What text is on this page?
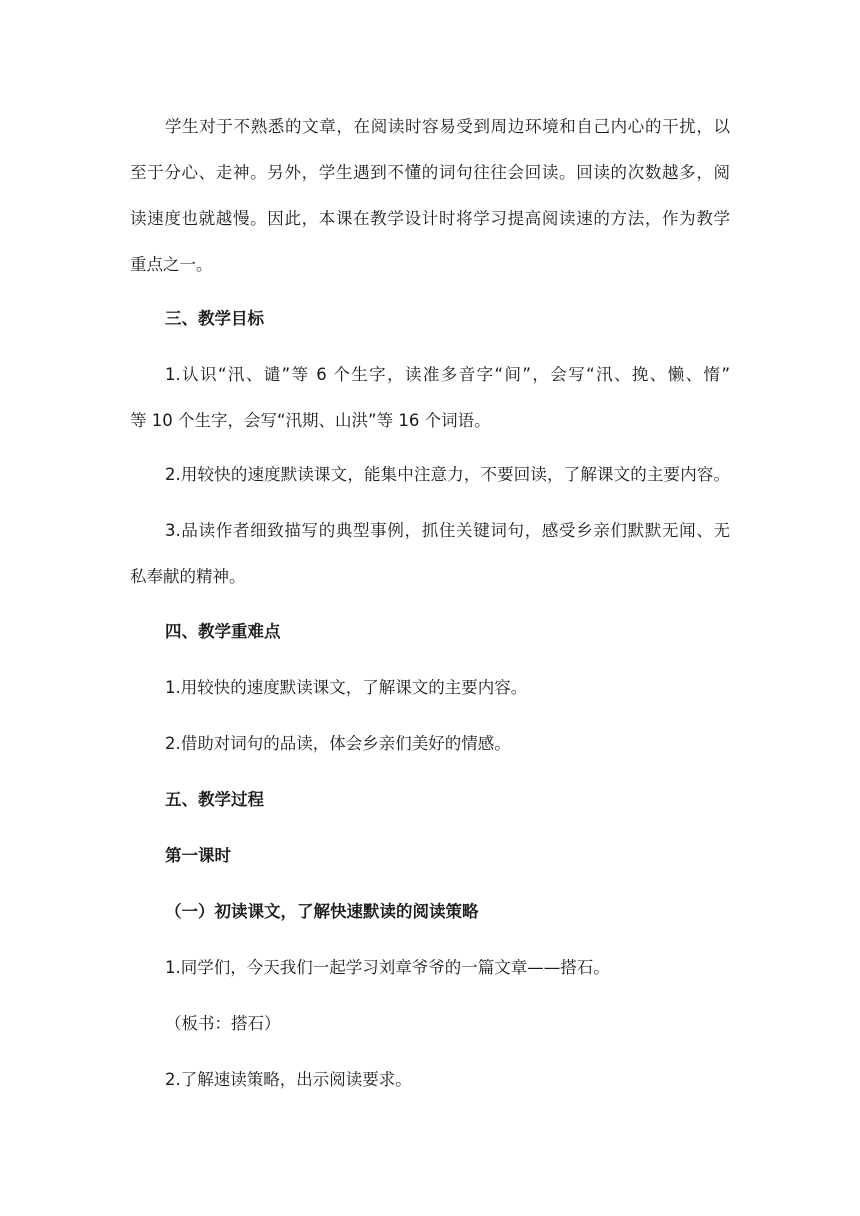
学生对于不熟悉的文章，在阅读时容易受到周边环境和自己内心的干扰，以
至于分心、走神。另外，学生遇到不懂的词句往往会回读。回读的次数越多，阅
读速度也就越慢。因此，本课在教学设计时将学习提高阅读速的方法，作为教学
重点之一。

三、教学目标

1.认识“汛、谴”等 6 个生字，读准多音字“间”，会写“汛、挽、懒、惰”
等 10 个生字，会写“汛期、山洪”等 16 个词语。

2.用较快的速度默读课文，能集中注意力，不要回读，了解课文的主要内容。

3.品读作者细致描写的典型事例，抓住关键词句，感受乡亲们默默无闻、无
私奉献的精神。

四、教学重难点

1.用较快的速度默读课文，了解课文的主要内容。

2.借助对词句的品读，体会乡亲们美好的情感。

五、教学过程

第一课时

（一）初读课文，了解快速默读的阅读策略

1.同学们，今天我们一起学习刘章爷爷的一篇文章——搭石。

（板书：搭石）

2.了解速读策略，出示阅读要求。
